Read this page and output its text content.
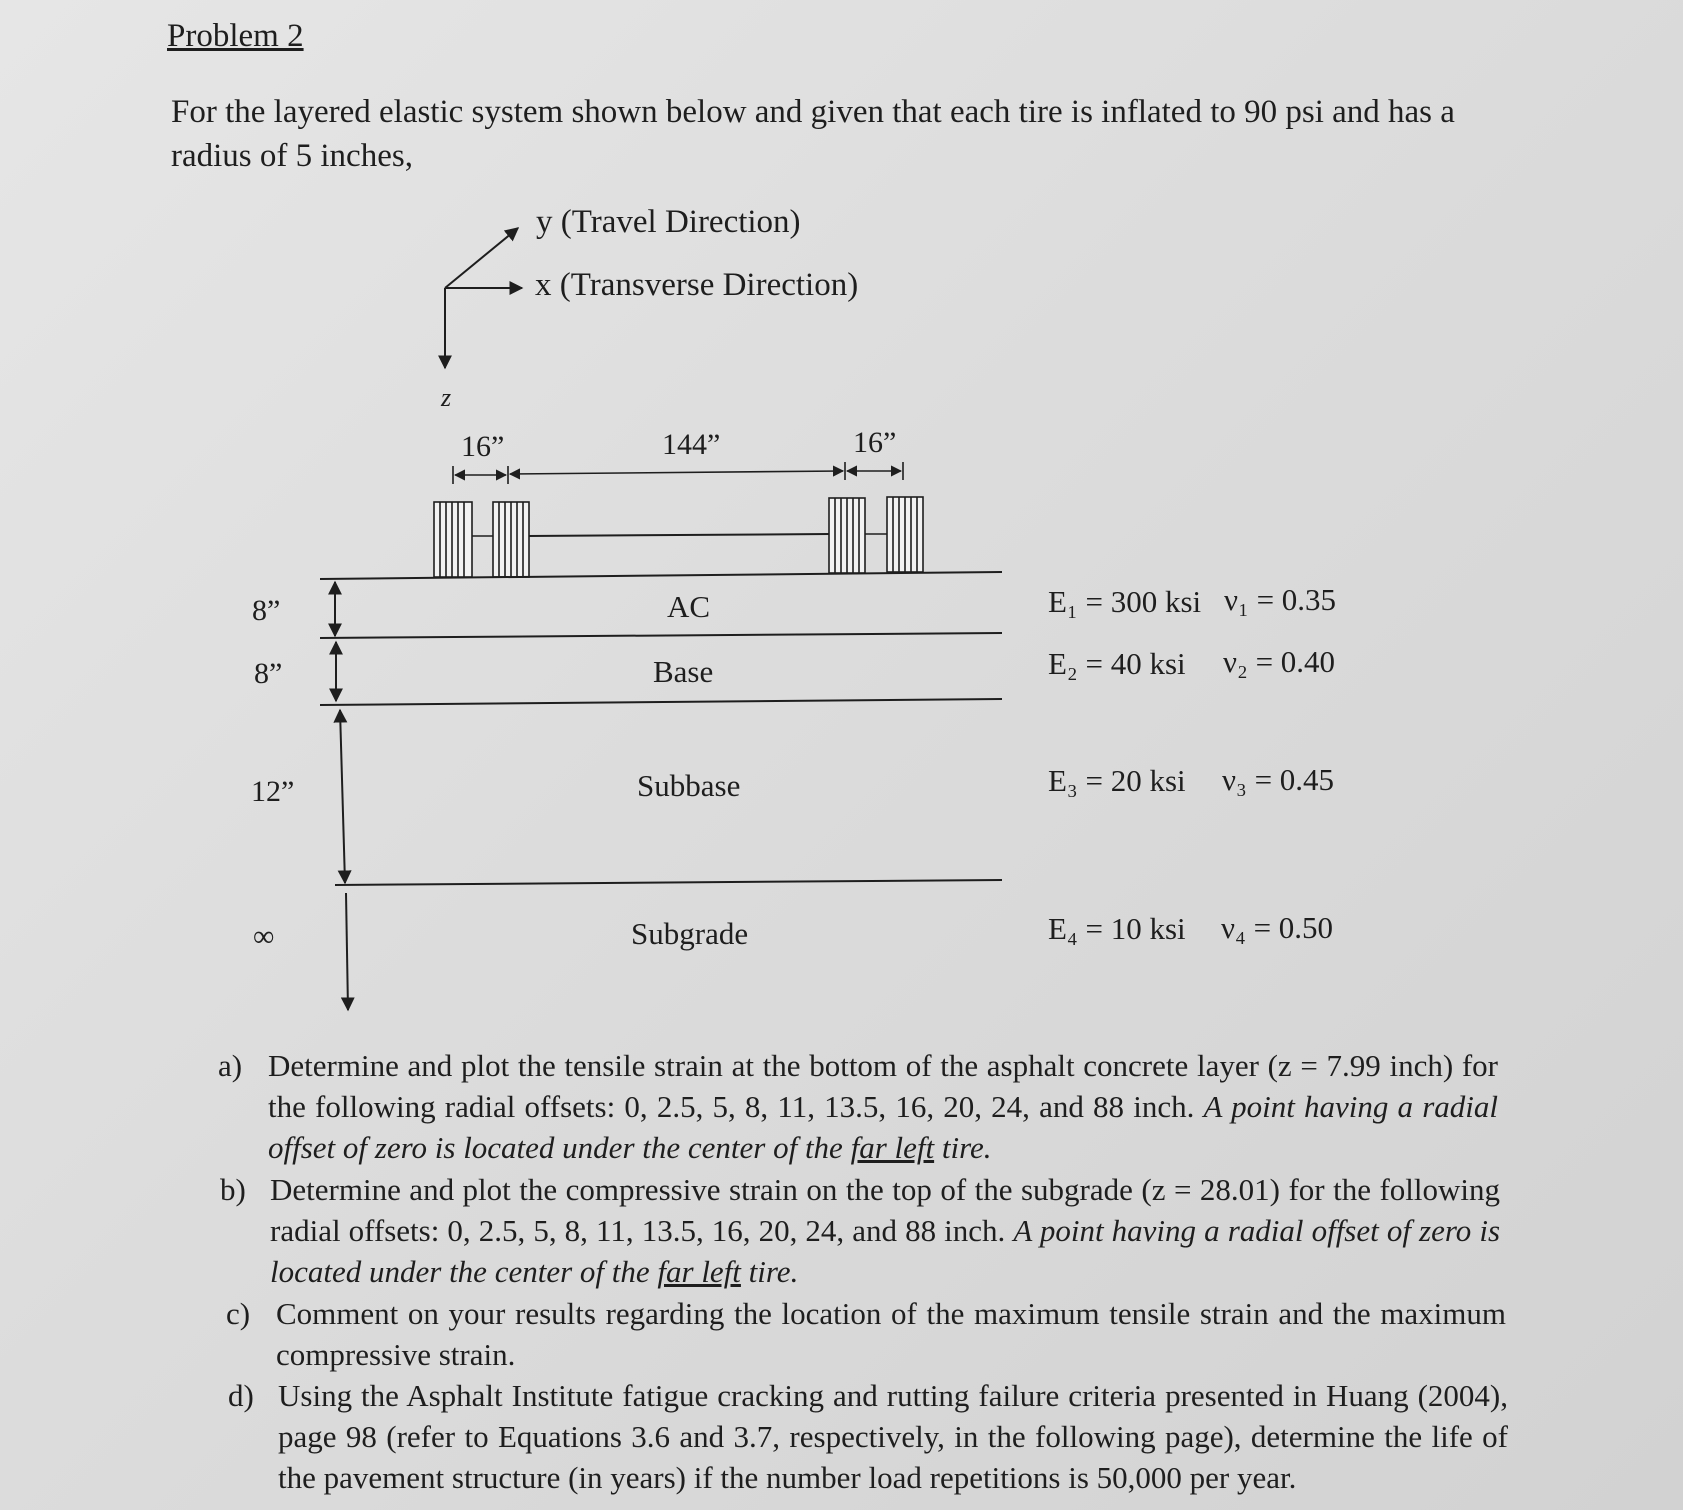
Problem 2
For the layered elastic system shown below and given that each tire is inflated to 90 psi and has a radius of 5 inches,
y (Travel Direction)
x (Transverse Direction)
z
16”	144”	16”
8”
8”
12”
∞
AC
Base
Subbase
Subgrade
E₁ = 300 ksi ν₁ = 0.35
E₂ = 40 ksi ν₂ = 0.40
E₃ = 20 ksi ν₃ = 0.45
E₄ = 10 ksi ν₄ = 0.50
a) Determine and plot the tensile strain at the bottom of the asphalt concrete layer (z = 7.99 inch) for the following radial offsets: 0, 2.5, 5, 8, 11, 13.5, 16, 20, 24, and 88 inch. A point having a radial offset of zero is located under the center of the far left tire.
b) Determine and plot the compressive strain on the top of the subgrade (z = 28.01) for the following radial offsets: 0, 2.5, 5, 8, 11, 13.5, 16, 20, 24, and 88 inch. A point having a radial offset of zero is located under the center of the far left tire.
c) Comment on your results regarding the location of the maximum tensile strain and the maximum compressive strain.
d) Using the Asphalt Institute fatigue cracking and rutting failure criteria presented in Huang (2004), page 98 (refer to Equations 3.6 and 3.7, respectively, in the following page), determine the life of the pavement structure (in years) if the number load repetitions is 50,000 per year.
